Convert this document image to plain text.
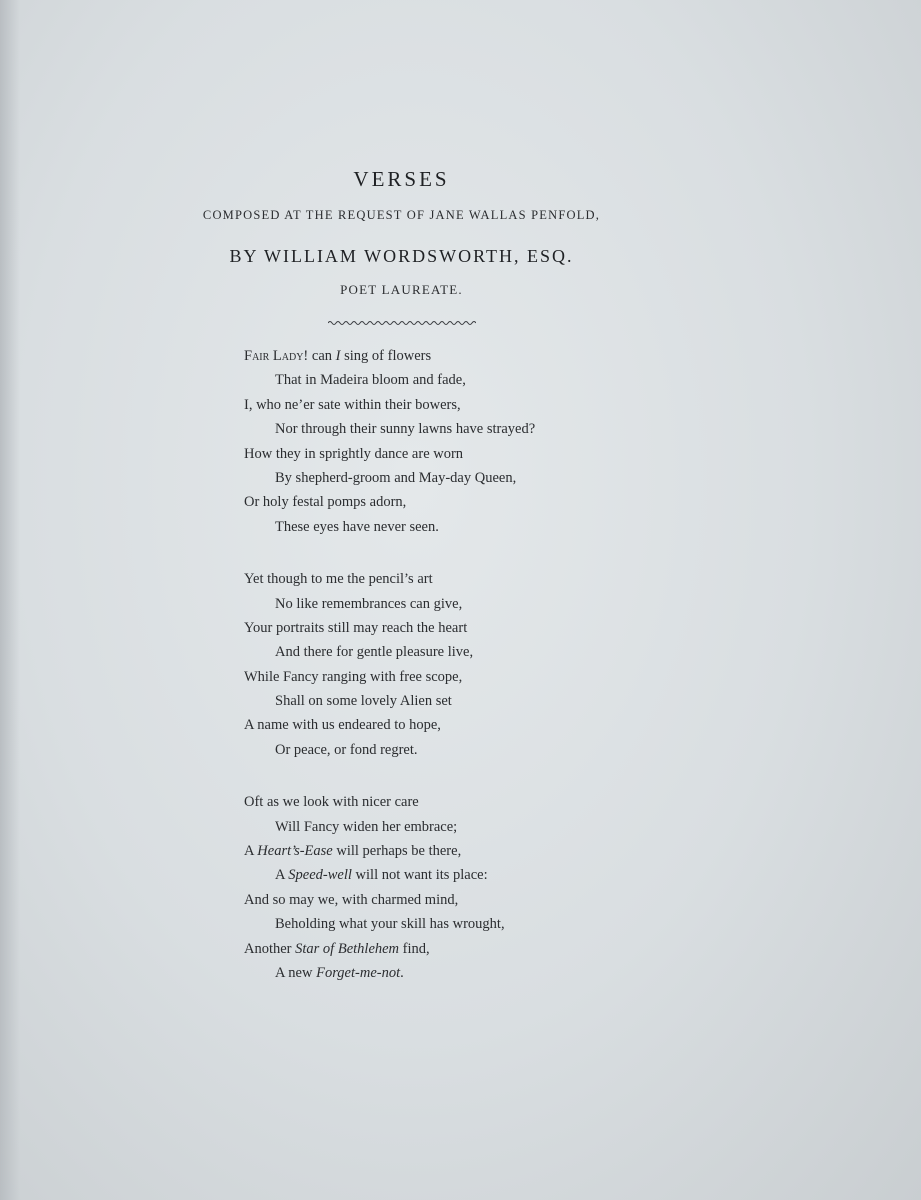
VERSES
COMPOSED AT THE REQUEST OF JANE WALLAS PENFOLD,
BY WILLIAM WORDSWORTH, ESQ.
POET LAUREATE.
Fair Lady! can I sing of flowers
That in Madeira bloom and fade,
I, who ne’er sate within their bowers,
Nor through their sunny lawns have strayed?
How they in sprightly dance are worn
By shepherd-groom and May-day Queen,
Or holy festal pomps adorn,
These eyes have never seen.
Yet though to me the pencil’s art
No like remembrances can give,
Your portraits still may reach the heart
And there for gentle pleasure live,
While Fancy ranging with free scope,
Shall on some lovely Alien set
A name with us endeared to hope,
Or peace, or fond regret.
Oft as we look with nicer care
Will Fancy widen her embrace;
A Heart’s-Ease will perhaps be there,
A Speed-well will not want its place:
And so may we, with charmed mind,
Beholding what your skill has wrought,
Another Star of Bethlehem find,
A new Forget-me-not.
